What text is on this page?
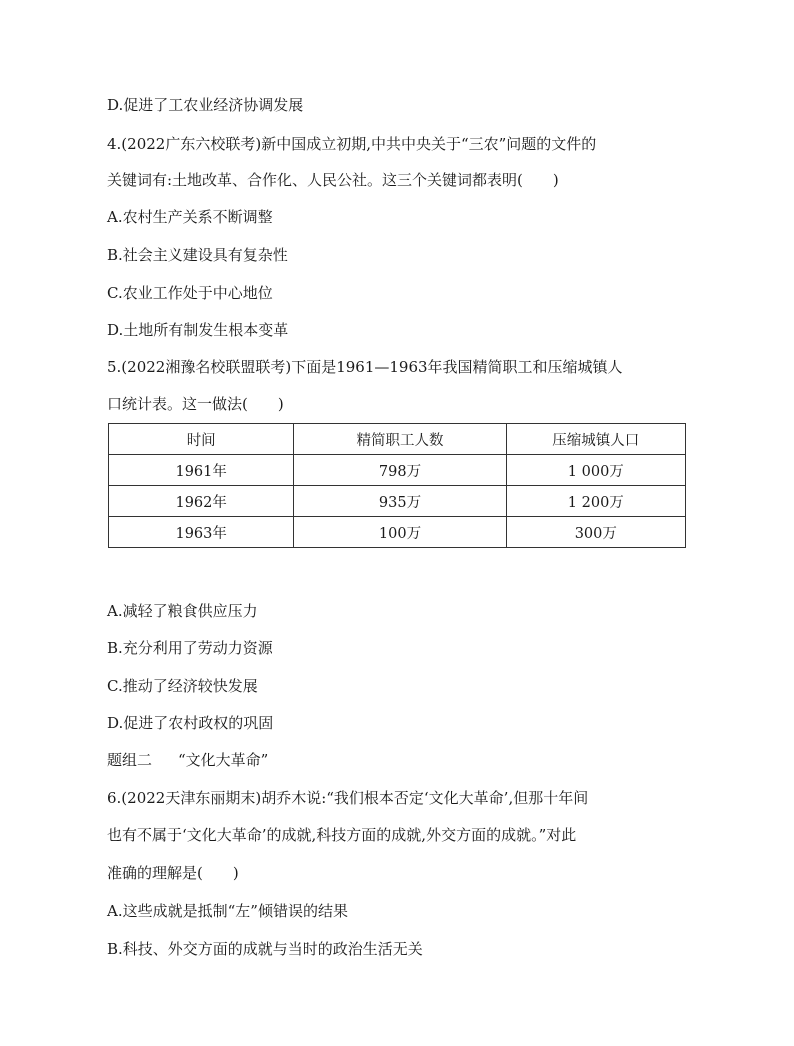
D.促进了工农业经济协调发展
4.(2022广东六校联考)新中国成立初期,中共中央关于“三农”问题的文件的
关键词有:土地改革、合作化、人民公社。这三个关键词都表明(　　)
A.农村生产关系不断调整
B.社会主义建设具有复杂性
C.农业工作处于中心地位
D.土地所有制发生根本变革
5.(2022湘豫名校联盟联考)下面是1961—1963年我国精简职工和压缩城镇人
口统计表。这一做法(　　)
时间	精简职工人数	压缩城镇人口
1961年	798万	1 000万
1962年	935万	1 200万
1963年	100万	300万
A.减轻了粮食供应压力
B.充分利用了劳动力资源
C.推动了经济较快发展
D.促进了农村政权的巩固
题组二 “文化大革命”
6.(2022天津东丽期末)胡乔木说:“我们根本否定‘文化大革命’,但那十年间
也有不属于‘文化大革命’的成就,科技方面的成就,外交方面的成就。”对此
准确的理解是(　　)
A.这些成就是抵制“左”倾错误的结果
B.科技、外交方面的成就与当时的政治生活无关
